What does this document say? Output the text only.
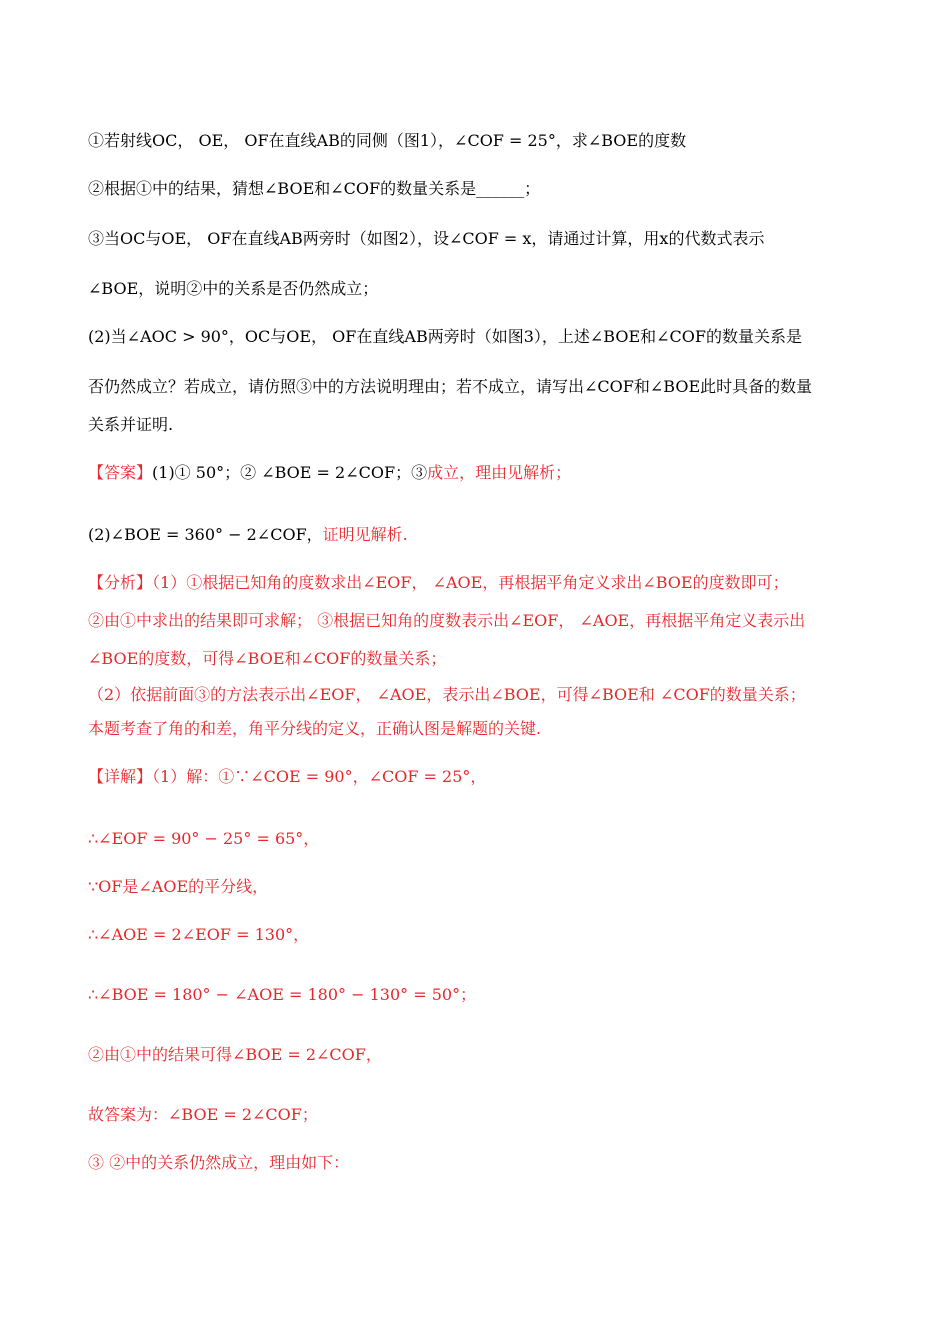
①若射线OC， OE， OF在直线AB的同侧（图1），∠COF = 25°，求∠BOE的度数
②根据①中的结果，猜想∠BOE和∠COF的数量关系是______；
③当OC与OE， OF在直线AB两旁时（如图2），设∠COF = x，请通过计算，用x的代数式表示
∠BOE，说明②中的关系是否仍然成立；
(2)当∠AOC > 90°，OC与OE， OF在直线AB两旁时（如图3），上述∠BOE和∠COF的数量关系是
否仍然成立？若成立，请仿照③中的方法说明理由；若不成立，请写出∠COF和∠BOE此时具备的数量
关系并证明.
【答案】(1)① 50°；② ∠BOE = 2∠COF；③成立，理由见解析；
(2)∠BOE = 360° − 2∠COF，证明见解析.
【分析】（1）①根据已知角的度数求出∠EOF， ∠AOE，再根据平角定义求出∠BOE的度数即可；
②由①中求出的结果即可求解； ③根据已知角的度数表示出∠EOF， ∠AOE，再根据平角定义表示出
∠BOE的度数，可得∠BOE和∠COF的数量关系；
（2）依据前面③的方法表示出∠EOF， ∠AOE，表示出∠BOE，可得∠BOE和 ∠COF的数量关系；
本题考查了角的和差，角平分线的定义，正确认图是解题的关键.
【详解】（1）解：①∵∠COE = 90°，∠COF = 25°，
∴∠EOF = 90° − 25° = 65°，
∵OF是∠AOE的平分线，
∴∠AOE = 2∠EOF = 130°，
∴∠BOE = 180° − ∠AOE = 180° − 130° = 50°；
②由①中的结果可得∠BOE = 2∠COF，
故答案为：∠BOE = 2∠COF；
③ ②中的关系仍然成立，理由如下：
